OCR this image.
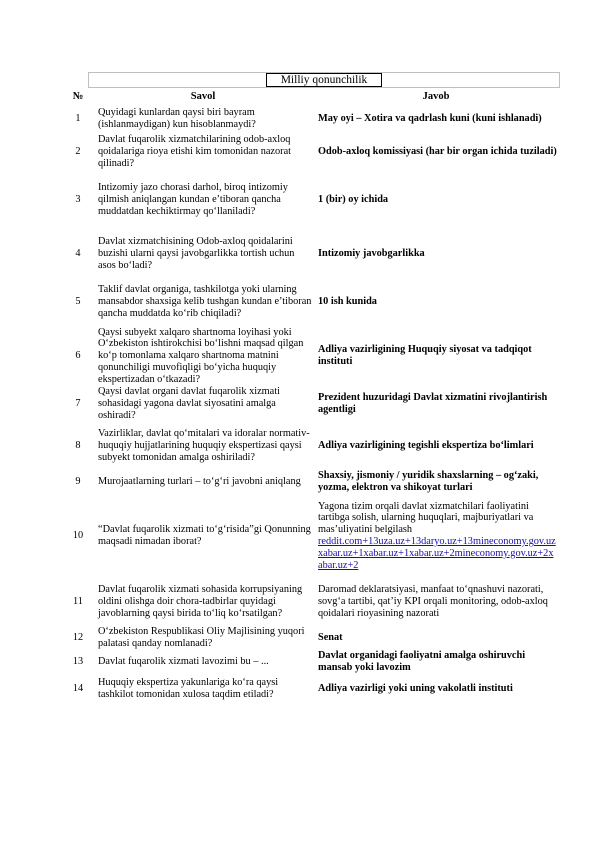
Milliy qonunchilik
№	Savol	Javob
1	Quyidagi kunlardan qaysi biri bayram (ishlanmaydigan) kun hisoblanmaydi?	May oyi – Xotira va qadrlash kuni (kuni ishlanadi)
2	Davlat fuqarolik xizmatchilarining odob-axloq qoidalariga rioya etishi kim tomonidan nazorat qilinadi?	Odob-axloq komissiyasi (har bir organ ichida tuziladi)
3	Intizomiy jazo chorasi darhol, biroq intizomiy qilmish aniqlangan kundan e’tiboran qancha muddatdan kechiktirmay qo‘llaniladi?	1 (bir) oy ichida
4	Davlat xizmatchisining Odob-axloq qoidalarini buzishi ularni qaysi javobgarlikka tortish uchun asos bo‘ladi?	Intizomiy javobgarlikka
5	Taklif davlat organiga, tashkilotga yoki ularning mansabdor shaxsiga kelib tushgan kundan e’tiboran qancha muddatda ko‘rib chiqiladi?	10 ish kunida
6	Qaysi subyekt xalqaro shartnoma loyihasi yoki O‘zbekiston ishtirokchisi bo‘lishni maqsad qilgan ko‘p tomonlama xalqaro shartnoma matnini qonunchiligi muvofiqligi bo‘yicha huquqiy ekspertizadan o‘tkazadi?	Adliya vazirligining Huquqiy siyosat va tadqiqot instituti
7	Qaysi davlat organi davlat fuqarolik xizmati sohasidagi yagona davlat siyosatini amalga oshiradi?	Prezident huzuridagi Davlat xizmatini rivojlantirish agentligi
8	Vazirliklar, davlat qo‘mitalari va idoralar normativ-huquqiy hujjatlarining huquqiy ekspertizasi qaysi subyekt tomonidan amalga oshiriladi?	Adliya vazirligining tegishli ekspertiza bo‘limlari
9	Murojaatlarning turlari – to‘g‘ri javobni aniqlang	Shaxsiy, jismoniy / yuridik shaxslarning – og‘zaki, yozma, elektron va shikoyat turlari
10	“Davlat fuqarolik xizmati to‘g‘risida”gi Qonunning maqsadi nimadan iborat?	Yagona tizim orqali davlat xizmatchilari faoliyatini tartibga solish, ularning huquqlari, majburiyatlari va mas’uliyatini belgilash
reddit.com+13uza.uz+13daryo.uz+13mineconomy.gov.uzxabar.uz+1xabar.uz+1xabar.uz+2mineconomy.gov.uz+2xabar.uz+2

11	Davlat fuqarolik xizmati sohasida korrupsiyaning oldini olishga doir chora-tadbirlar quyidagi javoblarning qaysi birida to‘liq ko‘rsatilgan?	Daromad deklaratsiyasi, manfaat to‘qnashuvi nazorati, sovg‘a tartibi, qat’iy KPI orqali monitoring, odob-axloq qoidalari rioyasining nazorati
12	O‘zbekiston Respublikasi Oliy Majlisining yuqori palatasi qanday nomlanadi?	Senat
13	Davlat fuqarolik xizmati lavozimi bu – ...	Davlat organidagi faoliyatni amalga oshiruvchi mansab yoki lavozim
14	Huquqiy ekspertiza yakunlariga ko‘ra qaysi tashkilot tomonidan xulosa taqdim etiladi?	Adliya vazirligi yoki uning vakolatli instituti
